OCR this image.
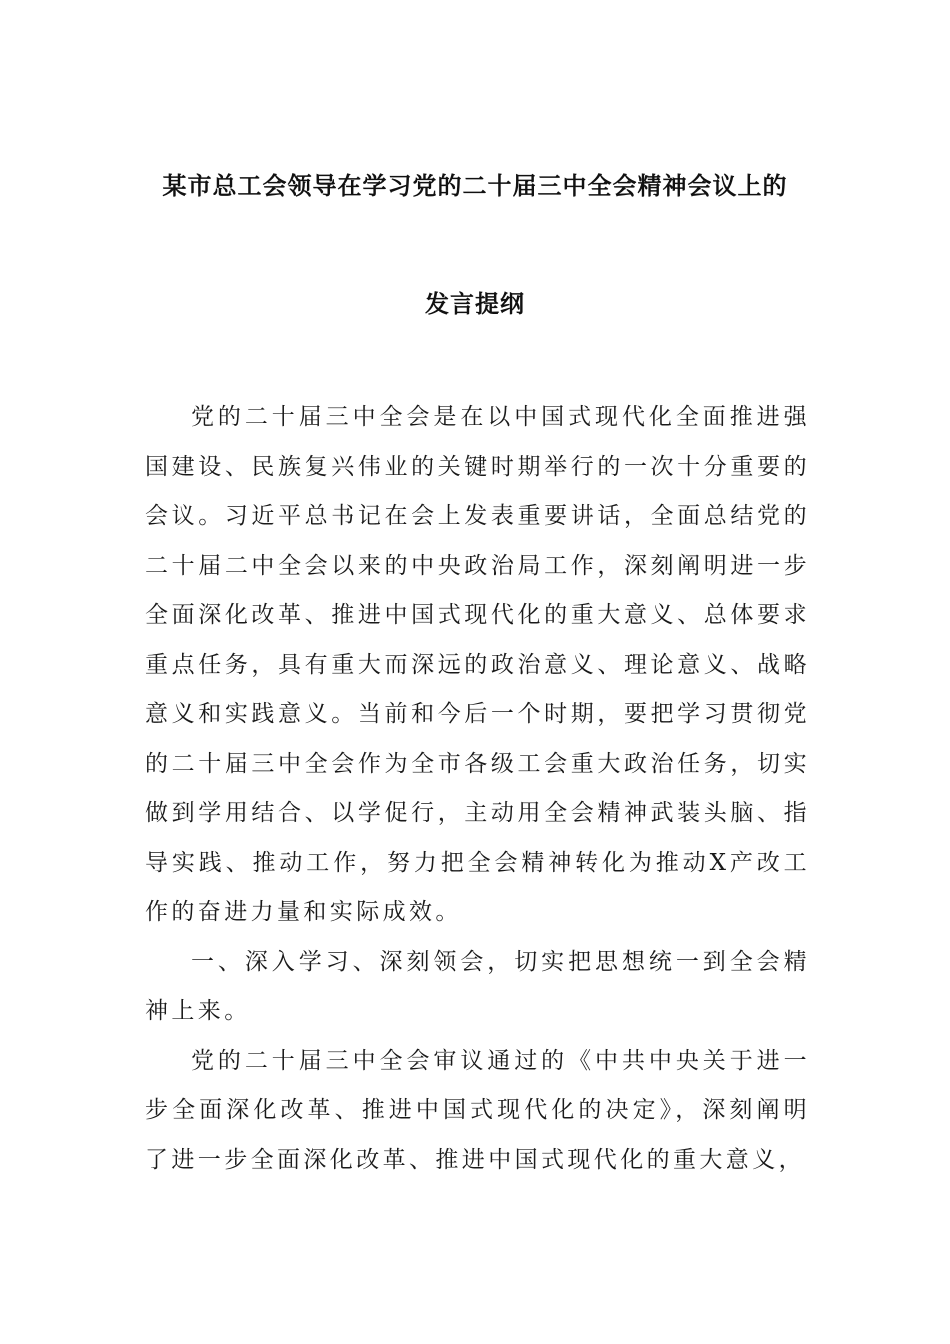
某市总工会领导在学习党的二十届三中全会精神会议上的
发言提纲

党的二十届三中全会是在以中国式现代化全面推进强国建设、民族复兴伟业的关键时期举行的一次十分重要的会议。习近平总书记在会上发表重要讲话，全面总结党的二十届二中全会以来的中央政治局工作，深刻阐明进一步全面深化改革、推进中国式现代化的重大意义、总体要求重点任务，具有重大而深远的政治意义、理论意义、战略意义和实践意义。当前和今后一个时期，要把学习贯彻党的二十届三中全会作为全市各级工会重大政治任务，切实做到学用结合、以学促行，主动用全会精神武装头脑、指导实践、推动工作，努力把全会精神转化为推动X产改工作的奋进力量和实际成效。

一、深入学习、深刻领会，切实把思想统一到全会精神上来。

党的二十届三中全会审议通过的《中共中央关于进一步全面深化改革、推进中国式现代化的决定》，深刻阐明了进一步全面深化改革、推进中国式现代化的重大意义，
